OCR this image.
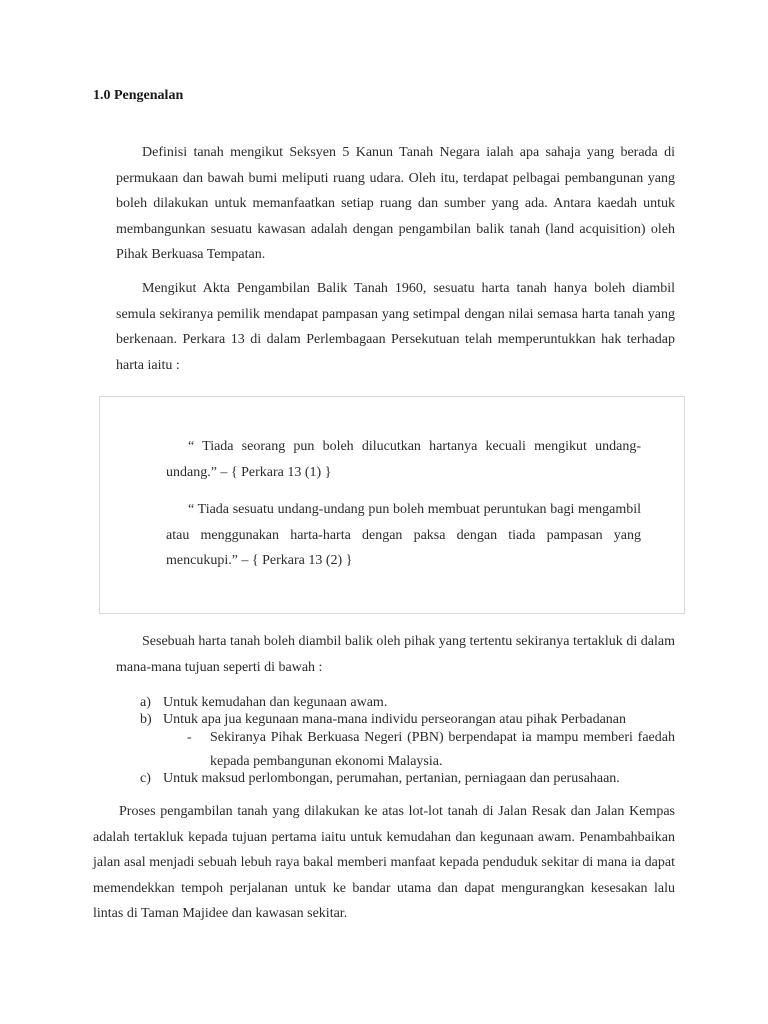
1.0 Pengenalan

Definisi tanah mengikut Seksyen 5 Kanun Tanah Negara ialah apa sahaja yang berada di permukaan dan bawah bumi meliputi ruang udara. Oleh itu, terdapat pelbagai pembangunan yang boleh dilakukan untuk memanfaatkan setiap ruang dan sumber yang ada. Antara kaedah untuk membangunkan sesuatu kawasan adalah dengan pengambilan balik tanah (land acquisition) oleh Pihak Berkuasa Tempatan.

Mengikut Akta Pengambilan Balik Tanah 1960, sesuatu harta tanah hanya boleh diambil semula sekiranya pemilik mendapat pampasan yang setimpal dengan nilai semasa harta tanah yang berkenaan. Perkara 13 di dalam Perlembagaan Persekutuan telah memperuntukkan hak terhadap harta iaitu :

“ Tiada seorang pun boleh dilucutkan hartanya kecuali mengikut undang-undang.” – { Perkara 13 (1) }

“ Tiada sesuatu undang-undang pun boleh membuat peruntukan bagi mengambil atau menggunakan harta-harta dengan paksa dengan tiada pampasan yang mencukupi.” – { Perkara 13 (2) }

Sesebuah harta tanah boleh diambil balik oleh pihak yang tertentu sekiranya tertakluk di dalam mana-mana tujuan seperti di bawah :

a) Untuk kemudahan dan kegunaan awam.
b) Untuk apa jua kegunaan mana-mana individu perseorangan atau pihak Perbadanan
- Sekiranya Pihak Berkuasa Negeri (PBN) berpendapat ia mampu memberi faedah kepada pembangunan ekonomi Malaysia.
c) Untuk maksud perlombongan, perumahan, pertanian, perniagaan dan perusahaan.

Proses pengambilan tanah yang dilakukan ke atas lot-lot tanah di Jalan Resak dan Jalan Kempas adalah tertakluk kepada tujuan pertama iaitu untuk kemudahan dan kegunaan awam. Penambahbaikan jalan asal menjadi sebuah lebuh raya bakal memberi manfaat kepada penduduk sekitar di mana ia dapat memendekkan tempoh perjalanan untuk ke bandar utama dan dapat mengurangkan kesesakan lalu lintas di Taman Majidee dan kawasan sekitar.
